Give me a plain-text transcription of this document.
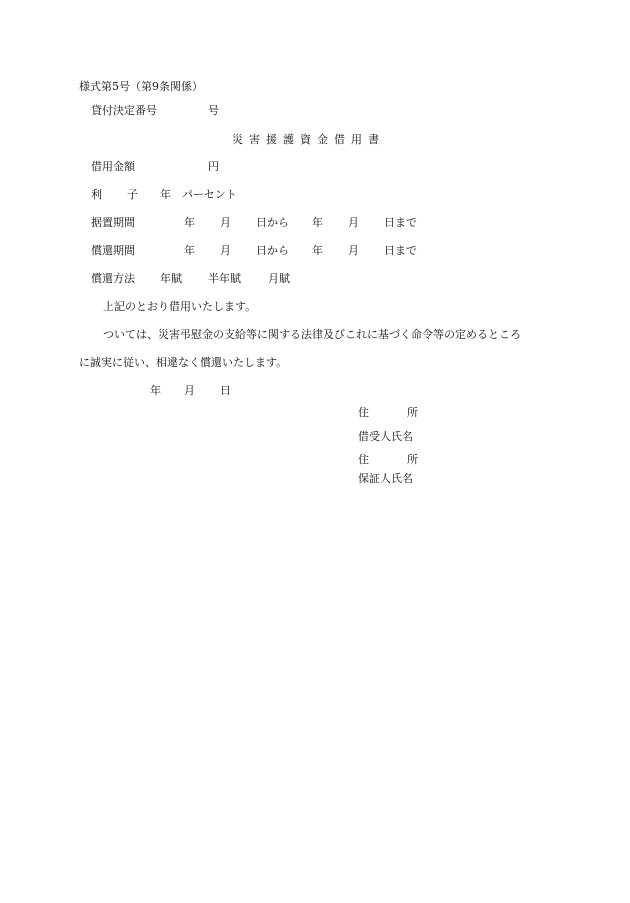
様式第5号（第9条関係）
貸付決定番号	号
災害援護資金借用書
借用金額	円
利 子 年 パーセント
据置期間	年 月 日から 年 月 日まで
償還期間	年 月 日から 年 月 日まで
償還方法 年賦 半年賦 月賦
上記のとおり借用いたします。
ついては、災害弔慰金の支給等に関する法律及びこれに基づく命令等の定めるところ
に誠実に従い、相違なく償還いたします。
年 月 日
住	所
借受人氏名
住	所
保証人氏名
